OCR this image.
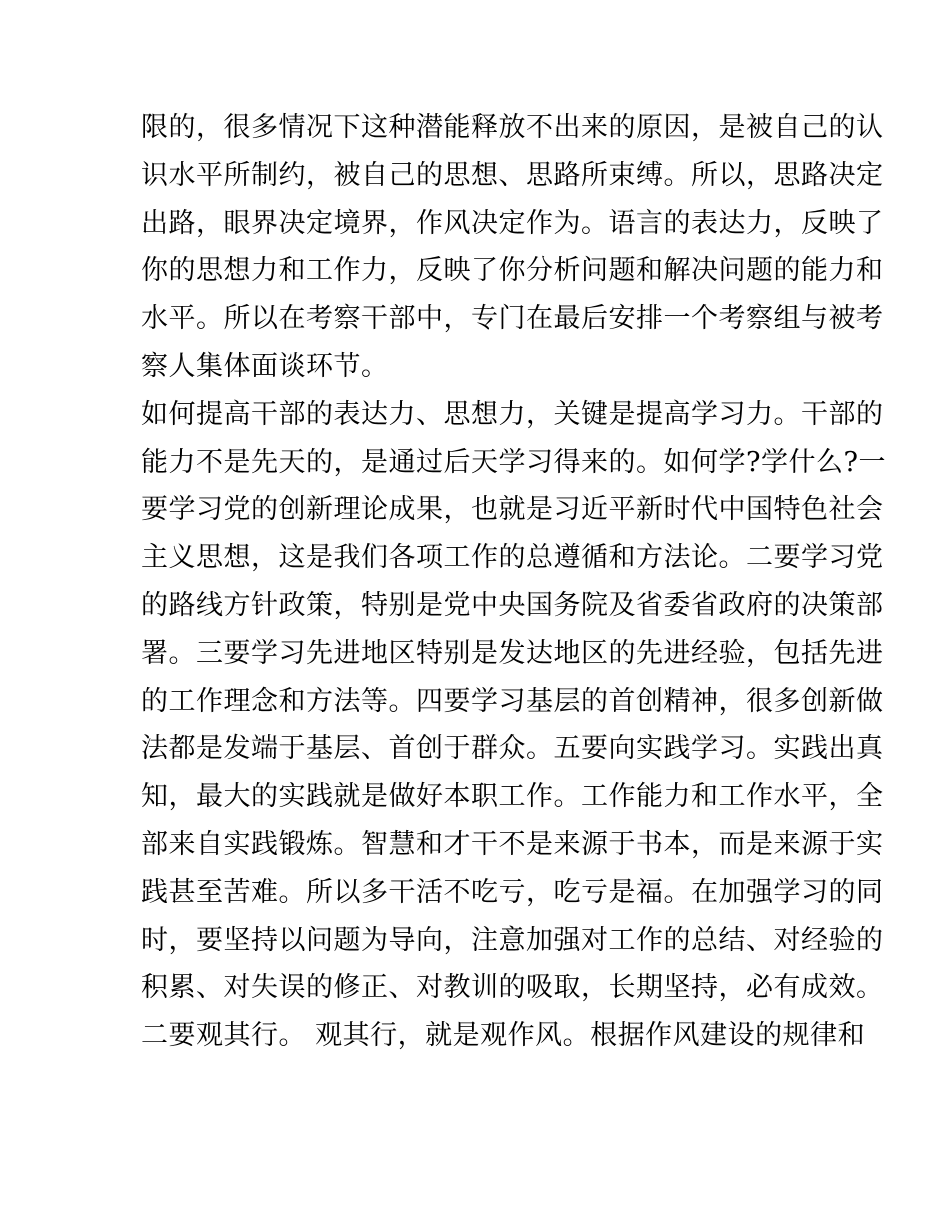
限的，很多情况下这种潜能释放不出来的原因，是被自己的认
识水平所制约，被自己的思想、思路所束缚。所以，思路决定
出路，眼界决定境界，作风决定作为。语言的表达力，反映了
你的思想力和工作力，反映了你分析问题和解决问题的能力和
水平。所以在考察干部中，专门在最后安排一个考察组与被考
察人集体面谈环节。
如何提高干部的表达力、思想力，关键是提高学习力。干部的
能力不是先天的，是通过后天学习得来的。如何学?学什么?一
要学习党的创新理论成果，也就是习近平新时代中国特色社会
主义思想，这是我们各项工作的总遵循和方法论。二要学习党
的路线方针政策，特别是党中央国务院及省委省政府的决策部
署。三要学习先进地区特别是发达地区的先进经验，包括先进
的工作理念和方法等。四要学习基层的首创精神，很多创新做
法都是发端于基层、首创于群众。五要向实践学习。实践出真
知，最大的实践就是做好本职工作。工作能力和工作水平，全
部来自实践锻炼。智慧和才干不是来源于书本，而是来源于实
践甚至苦难。所以多干活不吃亏，吃亏是福。在加强学习的同
时，要坚持以问题为导向，注意加强对工作的总结、对经验的
积累、对失误的修正、对教训的吸取，长期坚持，必有成效。
二要观其行。 观其行，就是观作风。根据作风建设的规律和
